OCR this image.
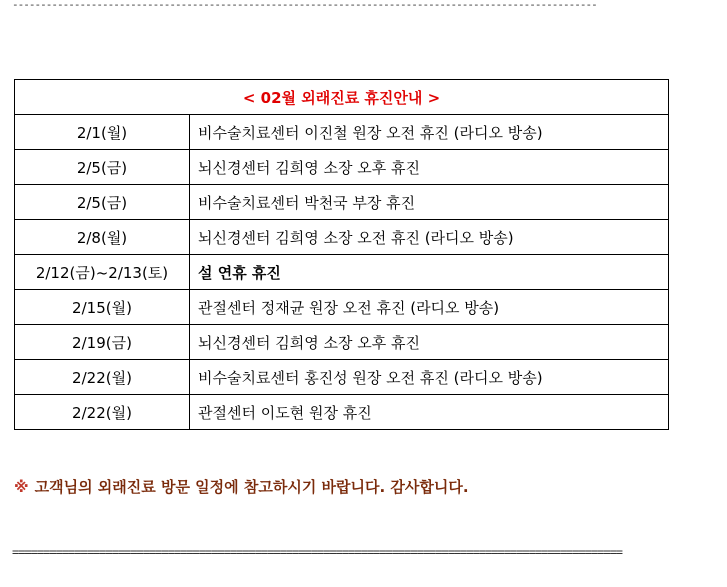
--------------------------------------------------------------------------------------------------------
< 02월 외래진료 휴진안내 >	
2/1(월)	비수술치료센터 이진철 원장 오전 휴진 (라디오 방송)
2/5(금)	뇌신경센터 김희영 소장 오후 휴진
2/5(금)	비수술치료센터 박천국 부장 휴진
2/8(월)	뇌신경센터 김희영 소장 오전 휴진 (라디오 방송)
2/12(금)~2/13(토)	설 연휴 휴진
2/15(월)	관절센터 정재균 원장 오전 휴진 (라디오 방송)
2/19(금)	뇌신경센터 김희영 소장 오후 휴진
2/22(월)	비수술치료센터 홍진성 원장 오전 휴진 (라디오 방송)
2/22(월)	관절센터 이도현 원장 휴진
※ 고객님의 외래진료 방문 일정에 참고하시기 바랍니다. 감사합니다.
==================================================================================================
